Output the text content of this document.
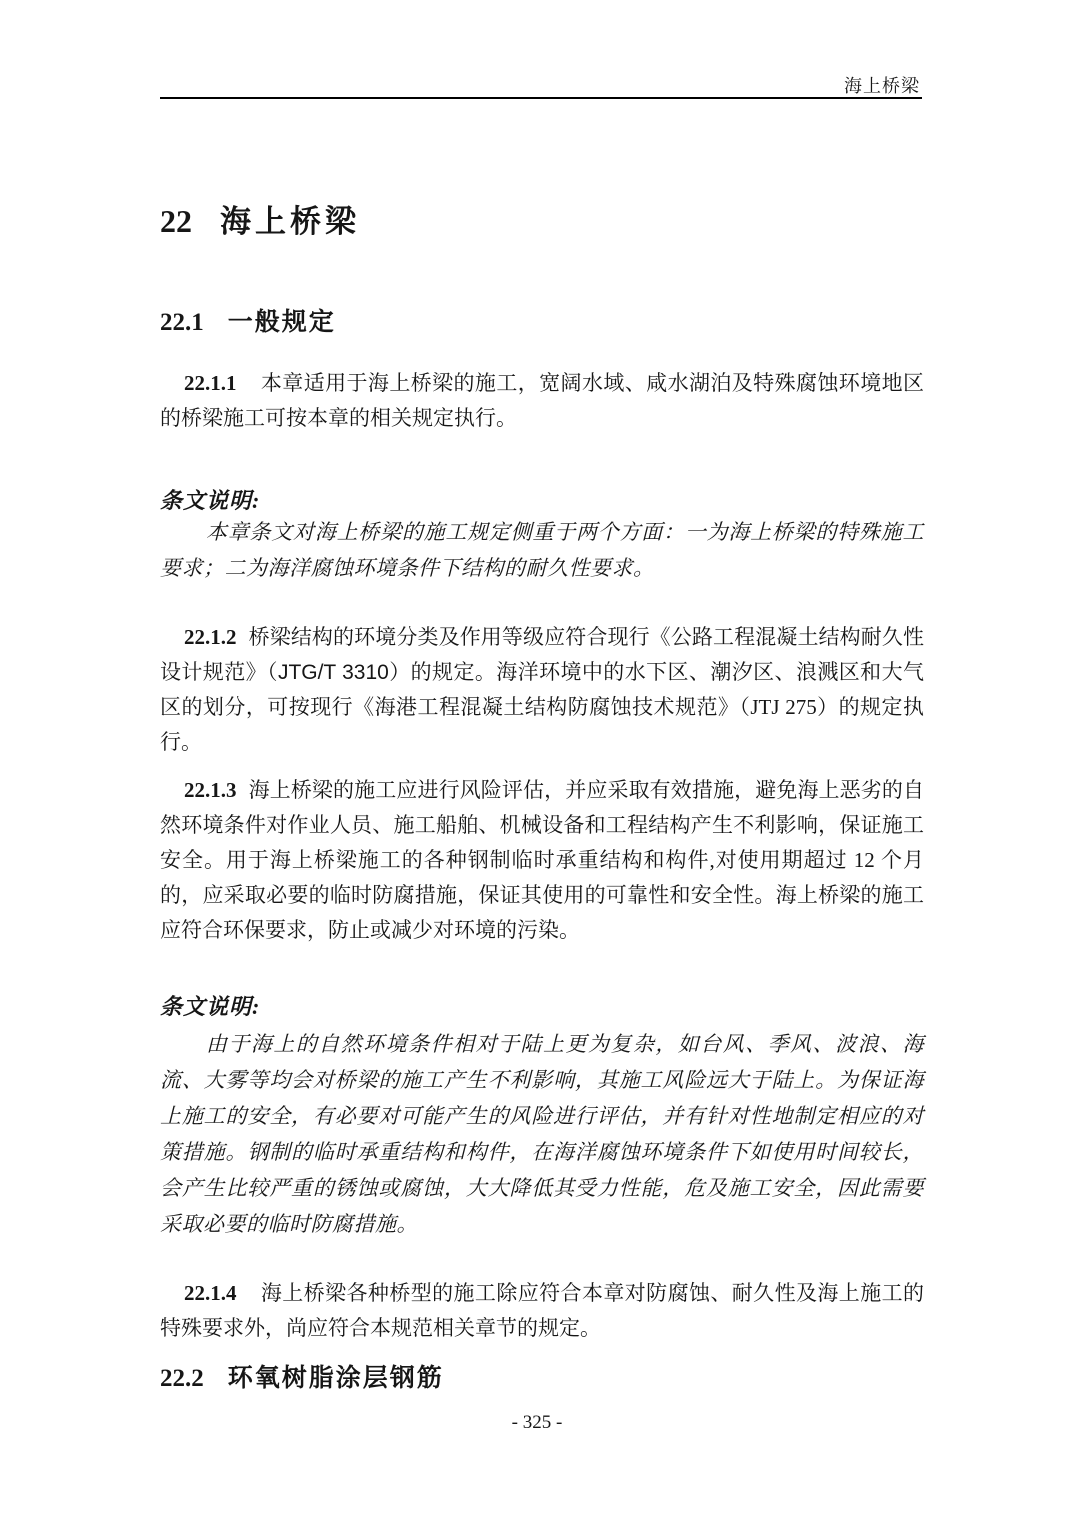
海上桥梁
22 海上桥梁
22.1 一般规定

22.1.1 本章适用于海上桥梁的施工，宽阔水域、咸水湖泊及特殊腐蚀环境地区的桥梁施工可按本章的相关规定执行。

条文说明:

本章条文对海上桥梁的施工规定侧重于两个方面：一为海上桥梁的特殊施工要求；二为海洋腐蚀环境条件下结构的耐久性要求。

22.1.2 桥梁结构的环境分类及作用等级应符合现行《公路工程混凝土结构耐久性设计规范》（JTG/T 3310）的规定。海洋环境中的水下区、潮汐区、浪溅区和大气区的划分，可按现行《海港工程混凝土结构防腐蚀技术规范》（JTJ 275）的规定执行。

22.1.3 海上桥梁的施工应进行风险评估，并应采取有效措施，避免海上恶劣的自然环境条件对作业人员、施工船舶、机械设备和工程结构产生不利影响，保证施工安全。用于海上桥梁施工的各种钢制临时承重结构和构件,对使用期超过 12 个月的，应采取必要的临时防腐措施，保证其使用的可靠性和安全性。海上桥梁的施工应符合环保要求，防止或减少对环境的污染。

条文说明:

由于海上的自然环境条件相对于陆上更为复杂，如台风、季风、波浪、海流、大雾等均会对桥梁的施工产生不利影响，其施工风险远大于陆上。为保证海上施工的安全，有必要对可能产生的风险进行评估，并有针对性地制定相应的对策措施。钢制的临时承重结构和构件，在海洋腐蚀环境条件下如使用时间较长，会产生比较严重的锈蚀或腐蚀，大大降低其受力性能，危及施工安全，因此需要采取必要的临时防腐措施。

22.1.4 海上桥梁各种桥型的施工除应符合本章对防腐蚀、耐久性及海上施工的特殊要求外，尚应符合本规范相关章节的规定。

22.2 环氧树脂涂层钢筋
- 325 -
